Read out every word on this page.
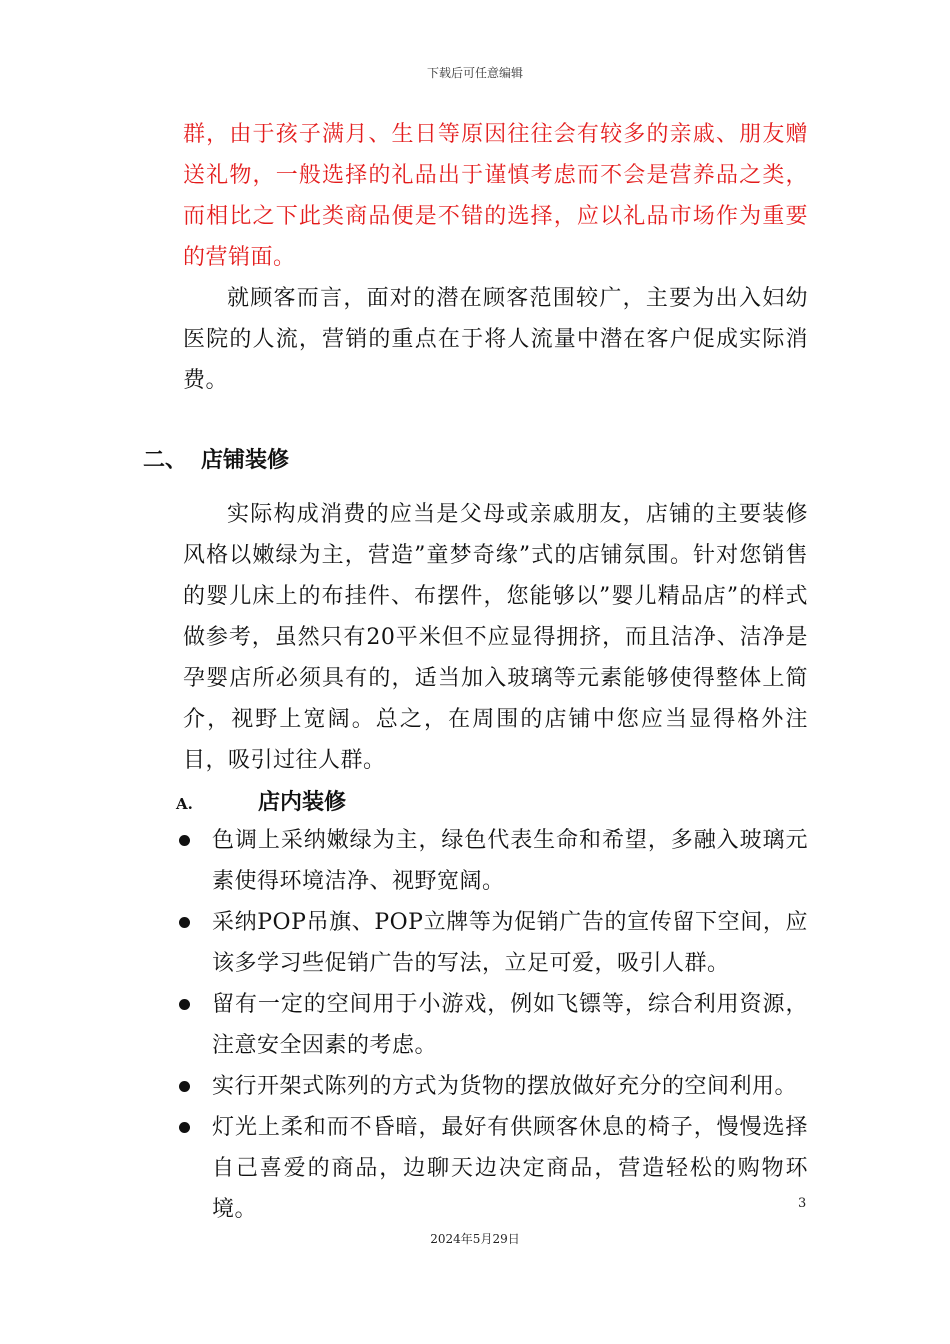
下载后可任意编辑

群，由于孩子满月、生日等原因往往会有较多的亲戚、朋友赠送礼物，一般选择的礼品出于谨慎考虑而不会是营养品之类，而相比之下此类商品便是不错的选择，应以礼品市场作为重要的营销面。

就顾客而言，面对的潜在顾客范围较广，主要为出入妇幼医院的人流，营销的重点在于将人流量中潜在客户促成实际消费。

二、 店铺装修

实际构成消费的应当是父母或亲戚朋友，店铺的主要装修风格以嫩绿为主，营造”童梦奇缘”式的店铺氛围。针对您销售的婴儿床上的布挂件、布摆件，您能够以”婴儿精品店”的样式做参考，虽然只有20平米但不应显得拥挤，而且洁净、洁净是孕婴店所必须具有的，适当加入玻璃等元素能够使得整体上简介，视野上宽阔。总之，在周围的店铺中您应当显得格外注目，吸引过往人群。

A.	店内装修
色调上采纳嫩绿为主，绿色代表生命和希望，多融入玻璃元素使得环境洁净、视野宽阔。
采纳POP吊旗、POP立牌等为促销广告的宣传留下空间，应该多学习些促销广告的写法，立足可爱，吸引人群。
留有一定的空间用于小游戏，例如飞镖等，综合利用资源，注意安全因素的考虑。
实行开架式陈列的方式为货物的摆放做好充分的空间利用。
灯光上柔和而不昏暗，最好有供顾客休息的椅子，慢慢选择自己喜爱的商品，边聊天边决定商品，营造轻松的购物环境。	3
2024年5月29日
